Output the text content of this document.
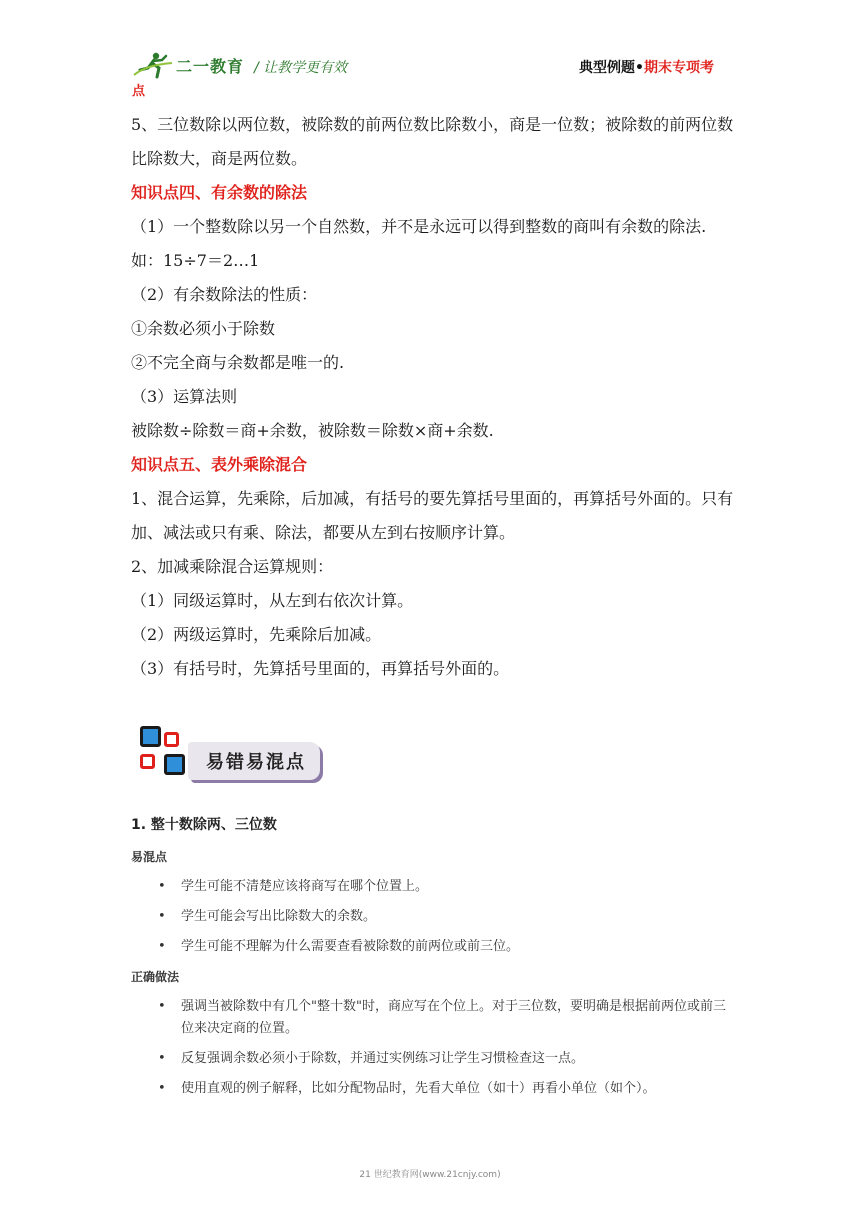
二一教育 / 让教学更有效	典型例题•期末专项考
点

5、三位数除以两位数，被除数的前两位数比除数小，商是一位数；被除数的前两位数比除数大，商是两位数。

知识点四、有余数的除法

（1）一个整数除以另一个自然数，并不是永远可以得到整数的商叫有余数的除法.

如：15÷7＝2…1

（2）有余数除法的性质：

①余数必须小于除数

②不完全商与余数都是唯一的.

（3）运算法则

被除数÷除数＝商+余数，被除数＝除数×商+余数.

知识点五、表外乘除混合

1、混合运算，先乘除，后加减，有括号的要先算括号里面的，再算括号外面的。只有加、减法或只有乘、除法，都要从左到右按顺序计算。

2、加减乘除混合运算规则：

（1）同级运算时，从左到右依次计算。

（2）两级运算时，先乘除后加减。

（3）有括号时，先算括号里面的，再算括号外面的。

易错易混点
1. 整十数除两、三位数
易混点
• 学生可能不清楚应该将商写在哪个位置上。
• 学生可能会写出比除数大的余数。
• 学生可能不理解为什么需要查看被除数的前两位或前三位。
正确做法
• 强调当被除数中有几个"整十数"时，商应写在个位上。对于三位数，要明确是根据前两位或前三位来决定商的位置。
• 反复强调余数必须小于除数，并通过实例练习让学生习惯检查这一点。
• 使用直观的例子解释，比如分配物品时，先看大单位（如十）再看小单位（如个）。
21 世纪教育网(www.21cnjy.com)
